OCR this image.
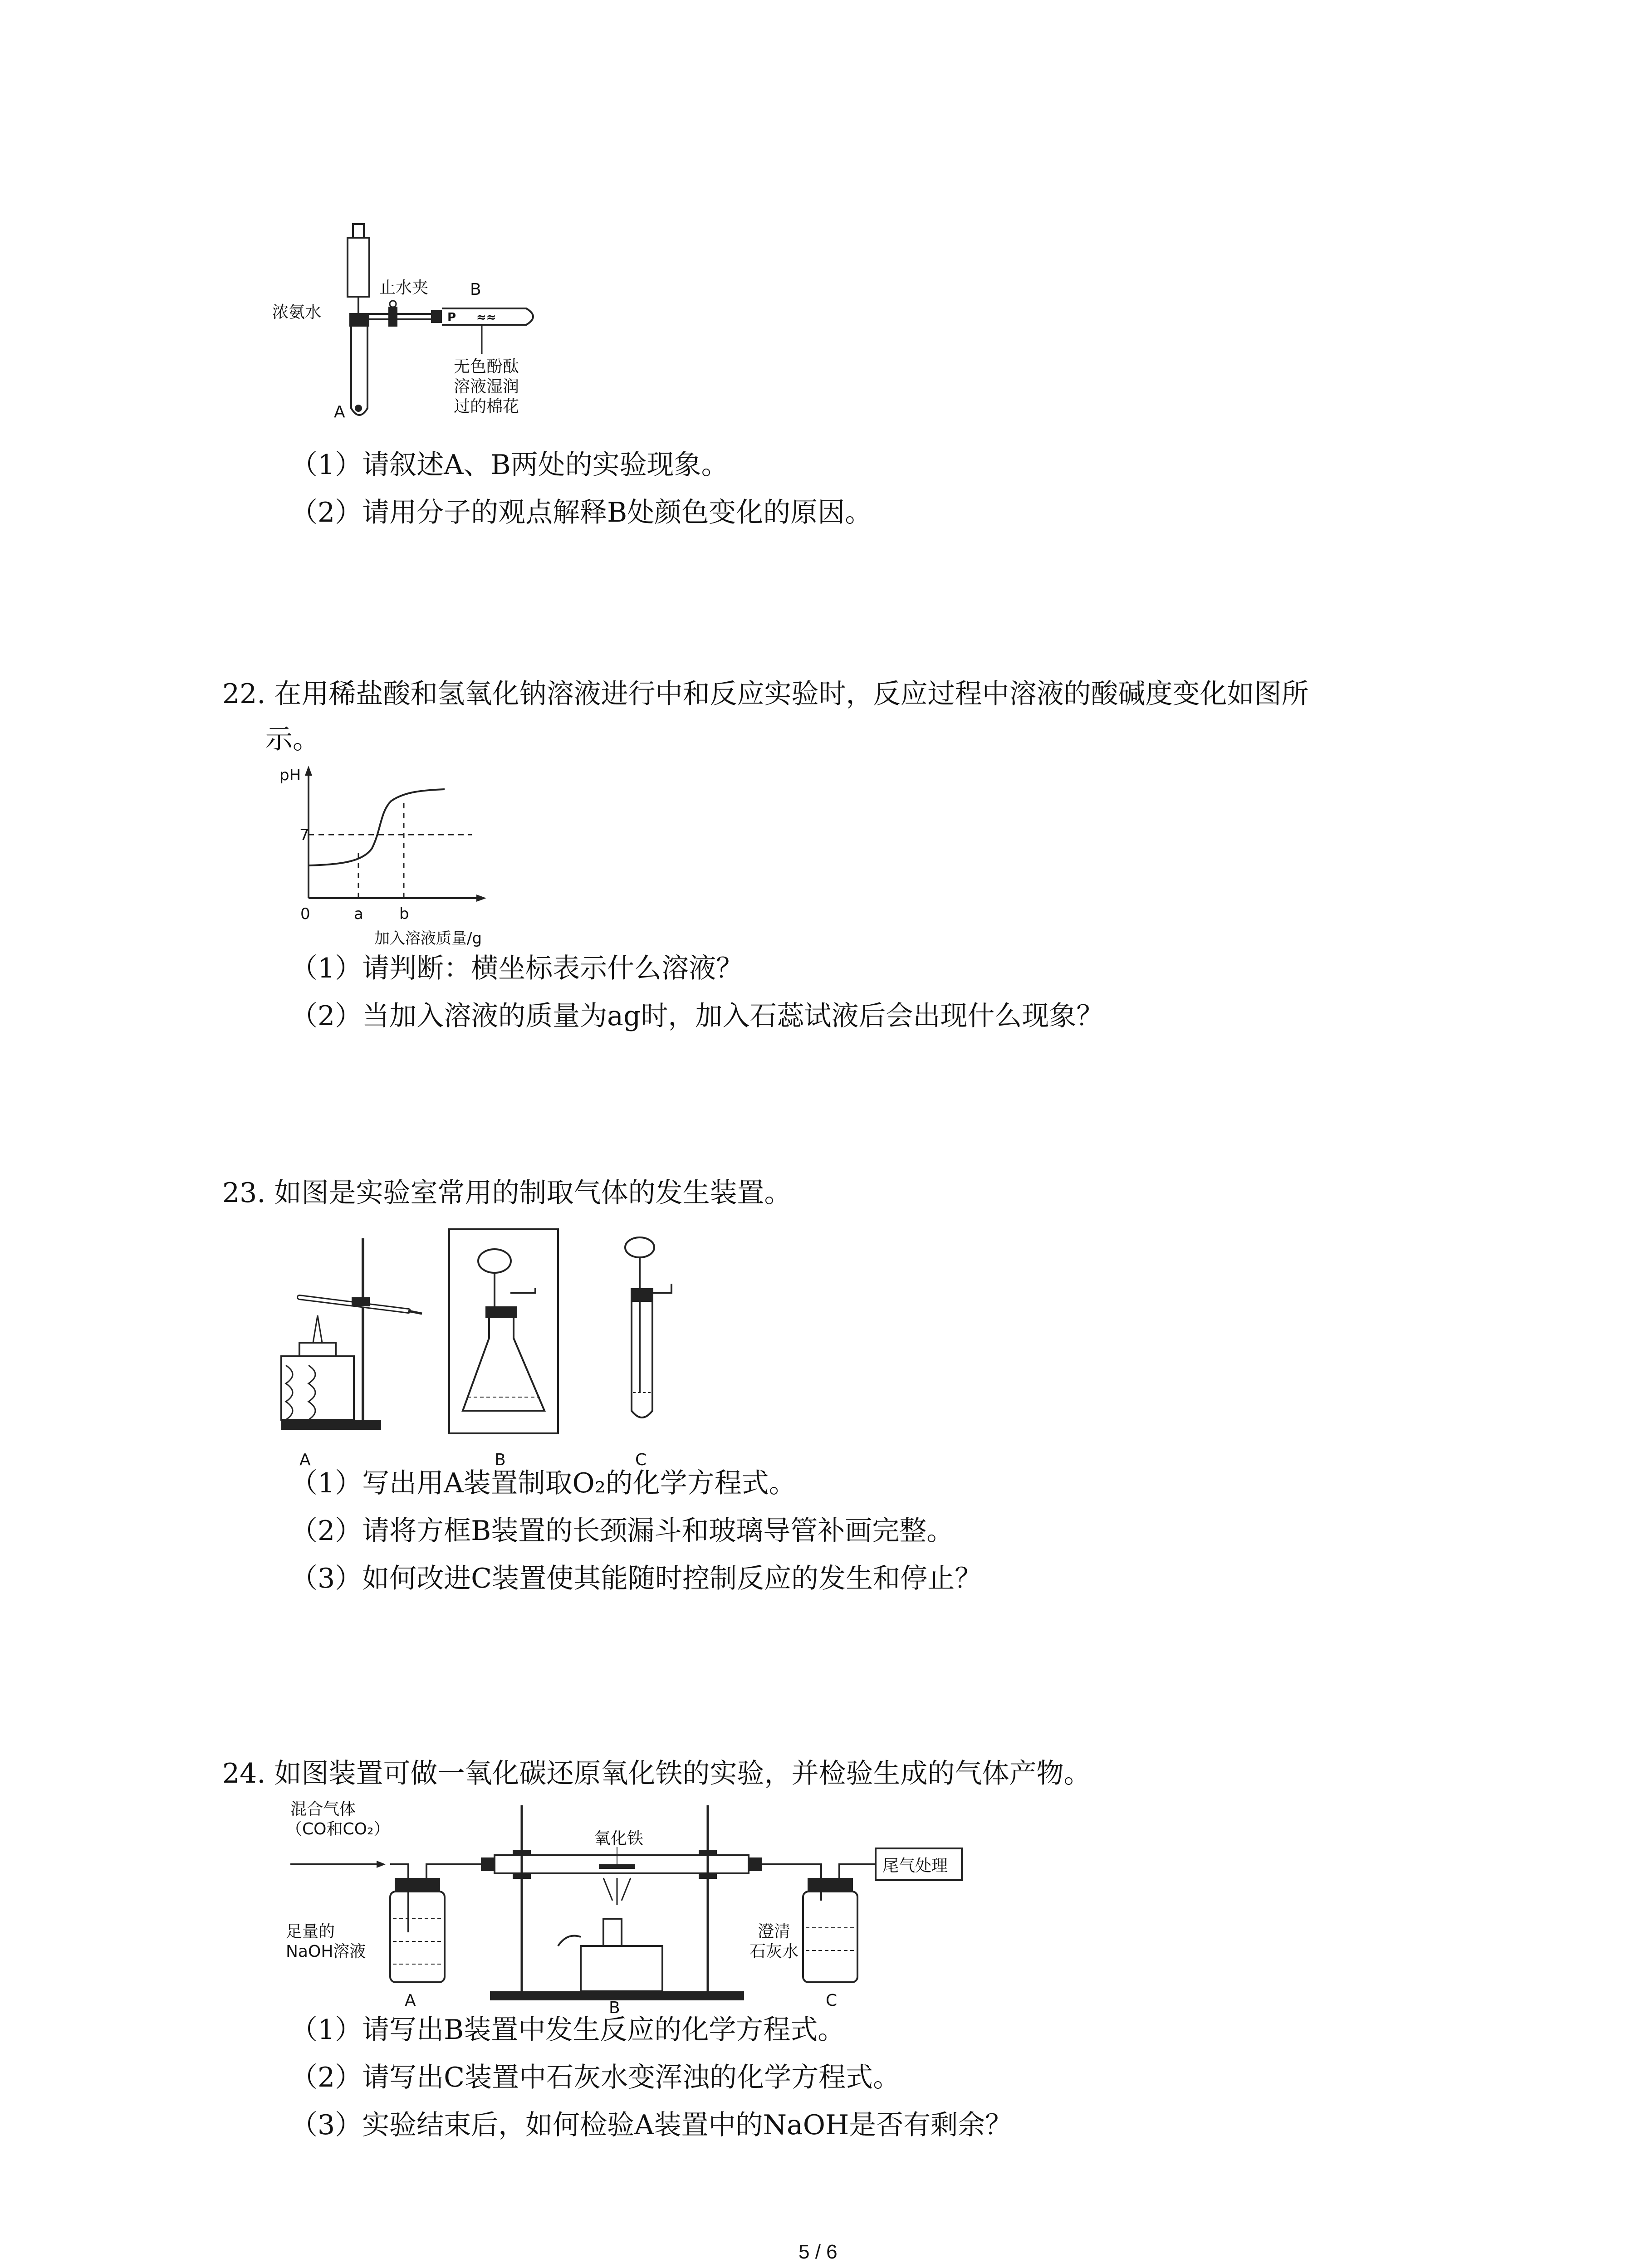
≈≈
浓氨水
止水夹	B
P
A
无色酚酞
溶液湿润
过的棉花
（1）请叙述A、B两处的实验现象。
（2）请用分子的观点解释B处颜色变化的原因。
22. 在用稀盐酸和氢氧化钠溶液进行中和反应实验时，反应过程中溶液的酸碱度变化如图所
示。
pH
7
0	a b
加入溶液质量/g
（1）请判断：横坐标表示什么溶液？
（2）当加入溶液的质量为ag时，加入石蕊试液后会出现什么现象？
23. 如图是实验室常用的制取气体的发生装置。
A	B	C
（1）写出用A装置制取O₂的化学方程式。
（2）请将方框B装置的长颈漏斗和玻璃导管补画完整。
（3）如何改进C装置使其能随时控制反应的发生和停止？
24. 如图装置可做一氧化碳还原氧化铁的实验，并检验生成的气体产物。
混合气体
（CO和CO₂）
足量的
NaOH溶液
A
氧化铁
B
尾气处理
澄清
石灰水
C
（1）请写出B装置中发生反应的化学方程式。
（2）请写出C装置中石灰水变浑浊的化学方程式。
（3）实验结束后，如何检验A装置中的NaOH是否有剩余？
5 / 6
